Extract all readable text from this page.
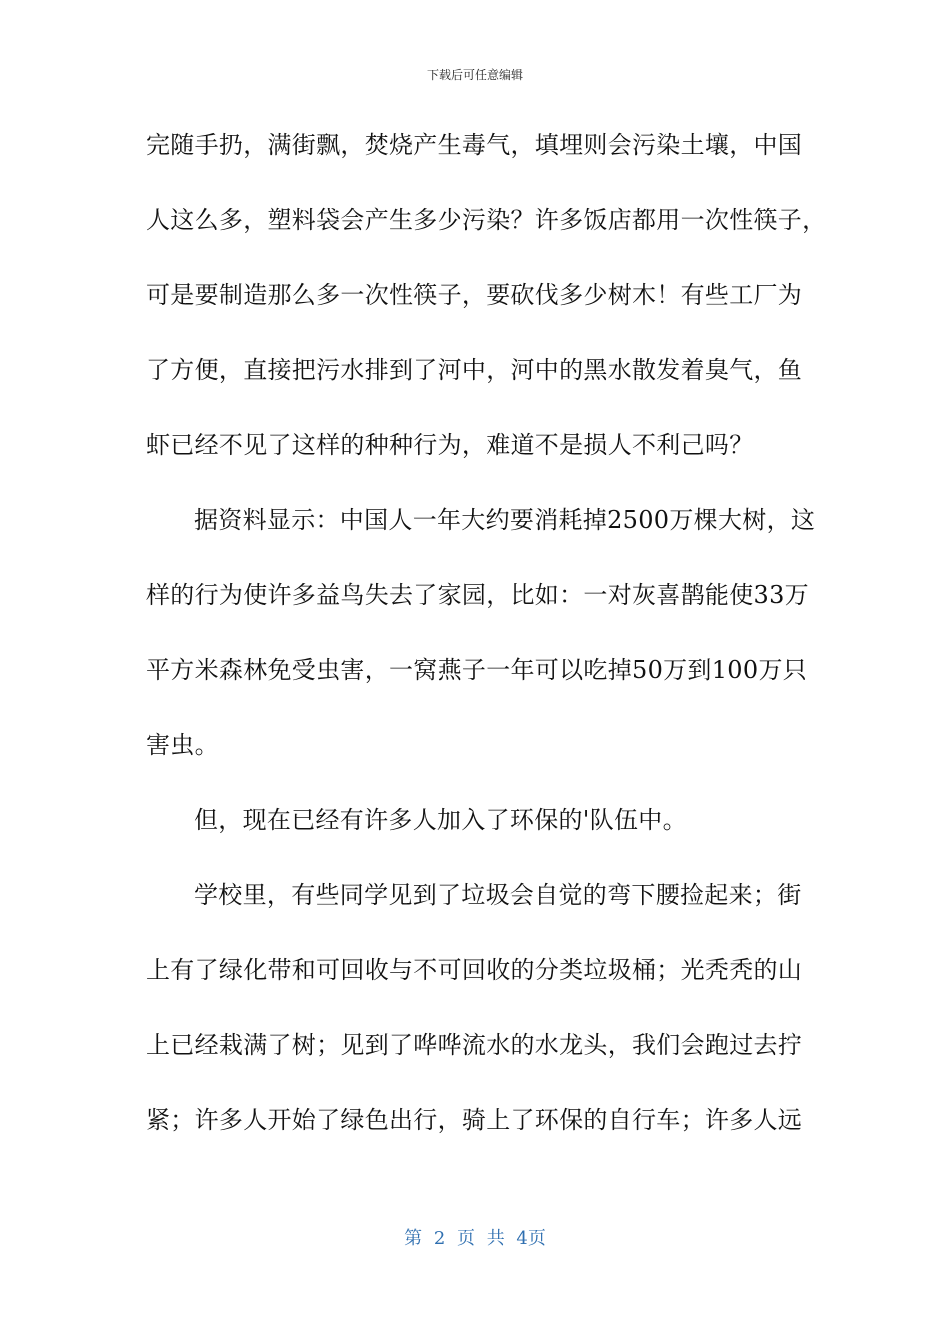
下载后可任意编辑
完随手扔，满街飘，焚烧产生毒气，填埋则会污染土壤，中国
人这么多，塑料袋会产生多少污染？许多饭店都用一次性筷子，
可是要制造那么多一次性筷子，要砍伐多少树木！有些工厂为
了方便，直接把污水排到了河中，河中的黑水散发着臭气，鱼
虾已经不见了这样的种种行为，难道不是损人不利己吗？
据资料显示：中国人一年大约要消耗掉2500万棵大树，这
样的行为使许多益鸟失去了家园，比如：一对灰喜鹊能使33万
平方米森林免受虫害，一窝燕子一年可以吃掉50万到100万只
害虫。
但，现在已经有许多人加入了环保的'队伍中。
学校里，有些同学见到了垃圾会自觉的弯下腰捡起来；街
上有了绿化带和可回收与不可回收的分类垃圾桶；光秃秃的山
上已经栽满了树；见到了哗哗流水的水龙头，我们会跑过去拧
紧；许多人开始了绿色出行，骑上了环保的自行车；许多人远
第 2 页 共 4页
